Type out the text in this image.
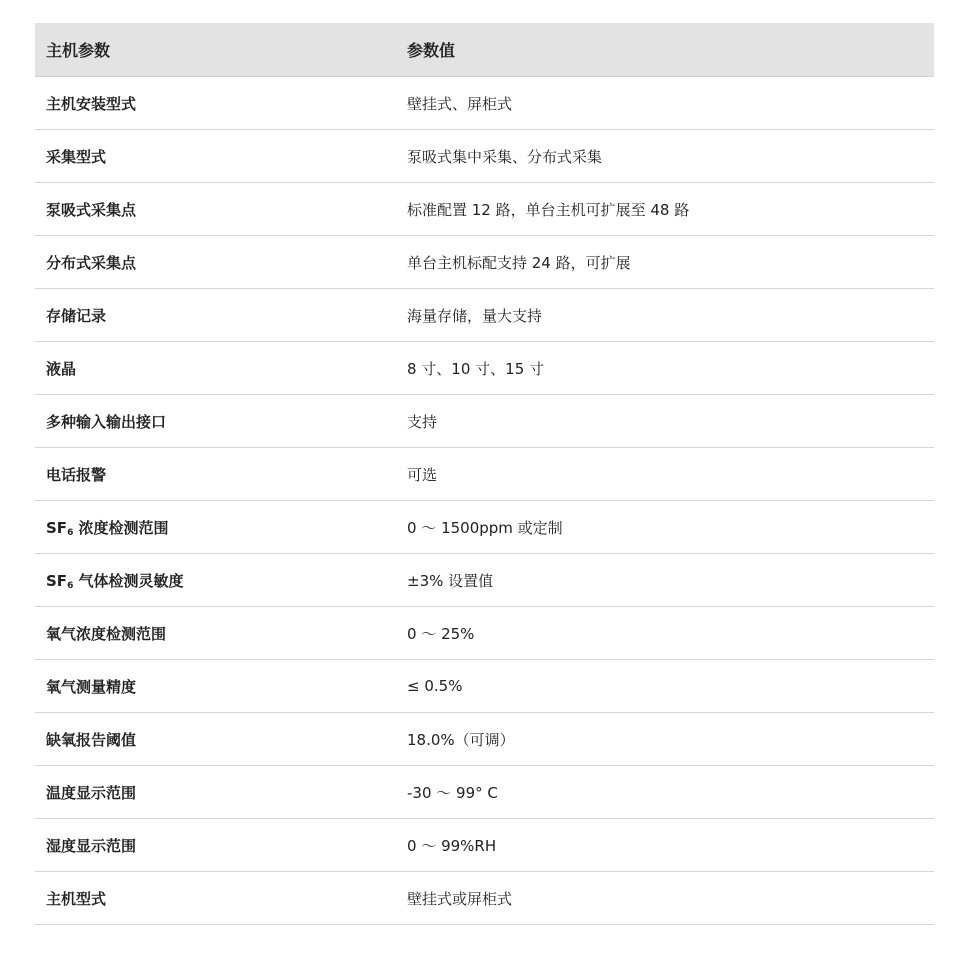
主机参数	参数值
主机安装型式	壁挂式、屏柜式
采集型式	泵吸式集中采集、分布式采集
泵吸式采集点	标准配置 12 路，单台主机可扩展至 48 路
分布式采集点	单台主机标配支持 24 路，可扩展
存储记录	海量存储，量大支持
液晶	8 寸、10 寸、15 寸
多种输入输出接口	支持
电话报警	可选
$SF_6$ 浓度检测范围	0 ～ 1500ppm 或定制
$SF_6$ 气体检测灵敏度	±3% 设置值
氧气浓度检测范围	0 ～ 25%
氧气测量精度	≤ 0.5%
缺氧报告阈值	18.0%（可调）
温度显示范围	-30 ～ 99° C
湿度显示范围	0 ～ 99%RH
主机型式	壁挂式或屏柜式
